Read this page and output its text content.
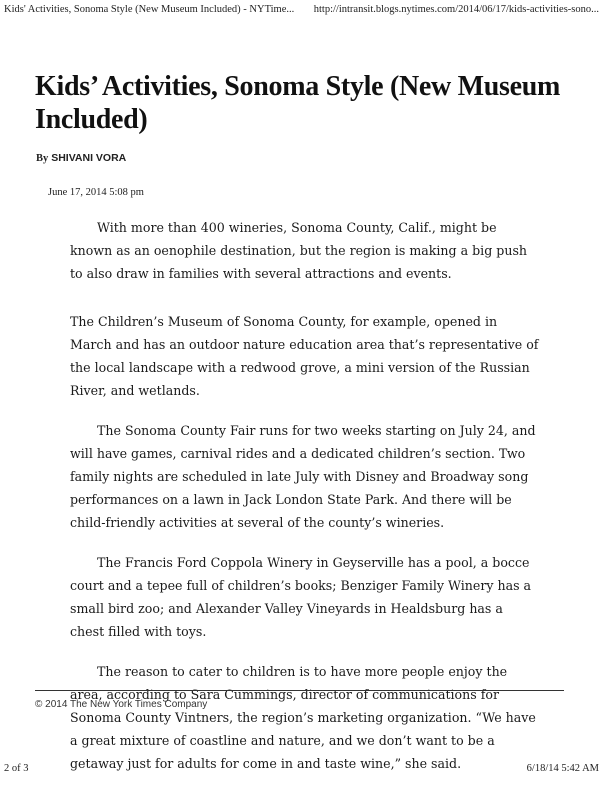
Kids' Activities, Sonoma Style (New Museum Included) - NYTime... http://intransit.blogs.nytimes.com/2014/06/17/kids-activities-sono...
Kids’ Activities, Sonoma Style (New Museum Included)
By SHIVANI VORA
June 17, 2014 5:08 pm

With more than 400 wineries, Sonoma County, Calif., might be known as an oenophile destination, but the region is making a big push to also draw in families with several attractions and events.

The Children’s Museum of Sonoma County, for example, opened in March and has an outdoor nature education area that’s representative of the local landscape with a redwood grove, a mini version of the Russian River, and wetlands.

The Sonoma County Fair runs for two weeks starting on July 24, and will have games, carnival rides and a dedicated children’s section. Two family nights are scheduled in late July with Disney and Broadway song performances on a lawn in Jack London State Park. And there will be child-friendly activities at several of the county’s wineries.

The Francis Ford Coppola Winery in Geyserville has a pool, a bocce court and a tepee full of children’s books; Benziger Family Winery has a small bird zoo; and Alexander Valley Vineyards in Healdsburg has a chest filled with toys.

The reason to cater to children is to have more people enjoy the area, according to Sara Cummings, director of communications for Sonoma County Vintners, the region’s marketing organization. “We have a great mixture of coastline and nature, and we don’t want to be a getaway just for adults for come in and taste wine,” she said.

© 2014 The New York Times Company
2 of 3	6/18/14 5:42 AM
